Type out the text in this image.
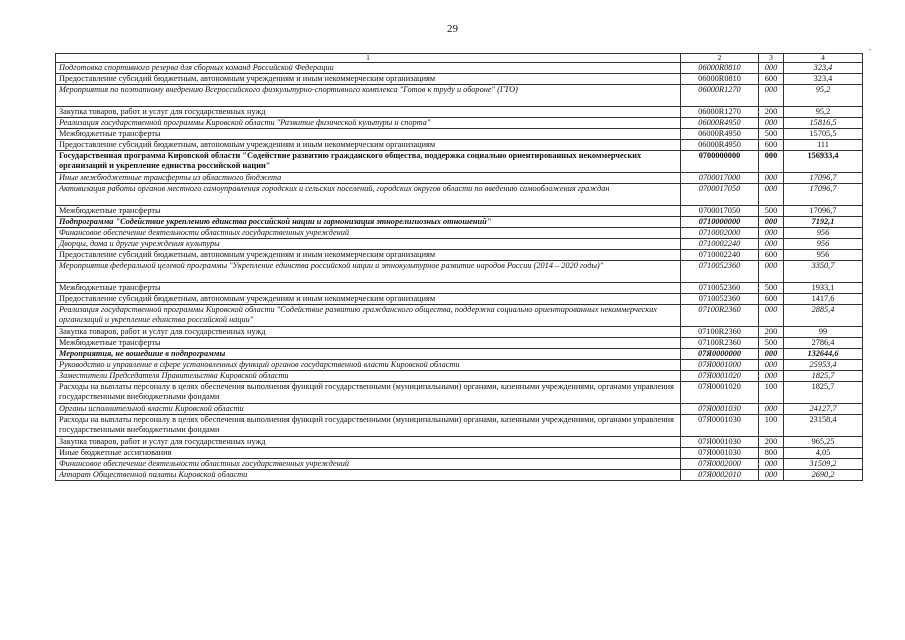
29
1	2	3	4
Подготовка спортивного резерва для сборных команд Российской Федерации	06000R0810	000	323,4
Предоставление субсидий бюджетным, автономным учреждениям и иным некоммерческим организациям	06000R0810	600	323,4
Мероприятия по поэтапному внедрению Всероссийского физкультурно-спортивного комплекса "Готов к труду и обороне" (ГТО)	06000R1270	000	95,2
Закупка товаров, работ и услуг для государственных нужд	06000R1270	200	95,2
Реализация государственной программы Кировской области "Развитие физической культуры и спорта"	06000R4950	000	15816,5
Межбюджетные трансферты	06000R4950	500	15705,5
Предоставление субсидий бюджетным, автономным учреждениям и иным некоммерческим организациям	06000R4950	600	111
Государственная программа Кировской области "Содействие развитию гражданского общества, поддержка социально ориентированных некоммерческих организаций и укрепление единства российской нации"	0700000000	000	156933,4
Иные межбюджетные трансферты из областного бюджета	0700017000	000	17096,7
Активизация работы органов местного самоуправления городских и сельских поселений, городских округов области по введению самообложения граждан	0700017050	000	17096,7
Межбюджетные трансферты	0700017050	500	17096,7
Подпрограмма "Содействие укреплению единства российской нации и гармонизация этнорелигиозных отношений"	0710000000	000	7192,1
Финансовое обеспечение деятельности областных государственных учреждений	0710002000	000	956
Дворцы, дома и другие учреждения культуры	0710002240	000	956
Предоставление субсидий бюджетным, автономным учреждениям и иным некоммерческим организациям	0710002240	600	956
Мероприятия федеральной целевой программы "Укрепление единства российской нации и этнокультурное развитие народов России (2014 – 2020 годы)"	0710052360	000	3350,7
Межбюджетные трансферты	0710052360	500	1933,1
Предоставление субсидий бюджетным, автономным учреждениям и иным некоммерческим организациям	0710052360	600	1417,6
Реализация государственной программы Кировской области "Содействие развитию гражданского общества, поддержка социально ориентированных некоммерческих организаций и укрепление единства российской нации"	07100R2360	000	2885,4
Закупка товаров, работ и услуг для государственных нужд	07100R2360	200	99
Межбюджетные трансферты	07100R2360	500	2786,4
Мероприятия, не вошедшие в подпрограммы	07Я0000000	000	132644,6
Руководство и управление в сфере установленных функций органов государственной власти Кировской области	07Я0001000	000	25953,4
Заместители Председателя Правительства Кировской области	07Я0001020	000	1825,7
Расходы на выплаты персоналу в целях обеспечения выполнения функций государственными (муниципальными) органами, казенными учреждениями, органами управления государственными внебюджетными фондами	07Я0001020	100	1825,7
Органы исполнительной власти Кировской области	07Я0001030	000	24127,7
Расходы на выплаты персоналу в целях обеспечения выполнения функций государственными (муниципальными) органами, казенными учреждениями, органами управления государственными внебюджетными фондами	07Я0001030	100	23158,4
Закупка товаров, работ и услуг для государственных нужд	07Я0001030	200	965,25
Иные бюджетные ассигнования	07Я0001030	800	4,05
Финансовое обеспечение деятельности областных государственных учреждений	07Я0002000	000	31509,2
Аппарат Общественной палаты Кировской области	07Я0002010	000	2690,2
-
